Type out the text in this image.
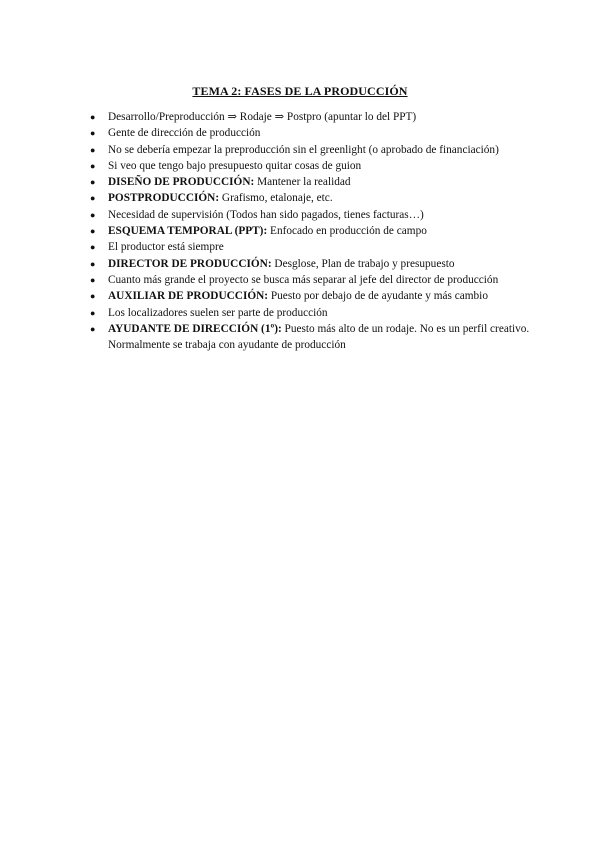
TEMA 2: FASES DE LA PRODUCCIÓN
● Desarrollo/Preproducción ⇒ Rodaje ⇒ Postpro (apuntar lo del PPT)
● Gente de dirección de producción
● No se debería empezar la preproducción sin el greenlight (o aprobado de financiación)
● Si veo que tengo bajo presupuesto quitar cosas de guion
● DISEÑO DE PRODUCCIÓN: Mantener la realidad
● POSTPRODUCCIÓN: Grafismo, etalonaje, etc.
● Necesidad de supervisión (Todos han sido pagados, tienes facturas…)
● ESQUEMA TEMPORAL (PPT): Enfocado en producción de campo
● El productor está siempre
● DIRECTOR DE PRODUCCIÓN: Desglose, Plan de trabajo y presupuesto
● Cuanto más grande el proyecto se busca más separar al jefe del director de producción
● AUXILIAR DE PRODUCCIÓN: Puesto por debajo de de ayudante y más cambio
● Los localizadores suelen ser parte de producción
● AYUDANTE DE DIRECCIÓN (1º): Puesto más alto de un rodaje. No es un perfil creativo. Normalmente se trabaja con ayudante de producción
